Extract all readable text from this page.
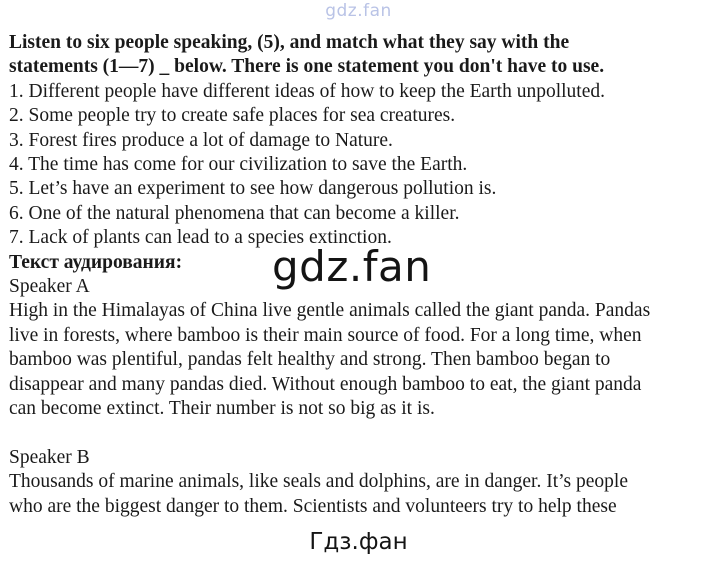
gdz.fan
Listen to six people speaking, (5), and match what they say with the
statements (1—7) _ below. There is one statement you don't have to use.
1. Different people have different ideas of how to keep the Earth unpolluted.
2. Some people try to create safe places for sea creatures.
3. Forest fires produce a lot of damage to Nature.
4. The time has come for our civilization to save the Earth.
5. Let’s have an experiment to see how dangerous pollution is.
6. One of the natural phenomena that can become a killer.
7. Lack of plants can lead to a species extinction.
Текст аудирования:
Speaker A
High in the Himalayas of China live gentle animals called the giant panda. Pandas
live in forests, where bamboo is their main source of food. For a long time, when
bamboo was plentiful, pandas felt healthy and strong. Then bamboo began to
disappear and many pandas died. Without enough bamboo to eat, the giant panda
can become extinct. Their number is not so big as it is.
Speaker B
Thousands of marine animals, like seals and dolphins, are in danger. It’s people
who are the biggest danger to them. Scientists and volunteers try to help these
gdz.fan
Гдз.фан
